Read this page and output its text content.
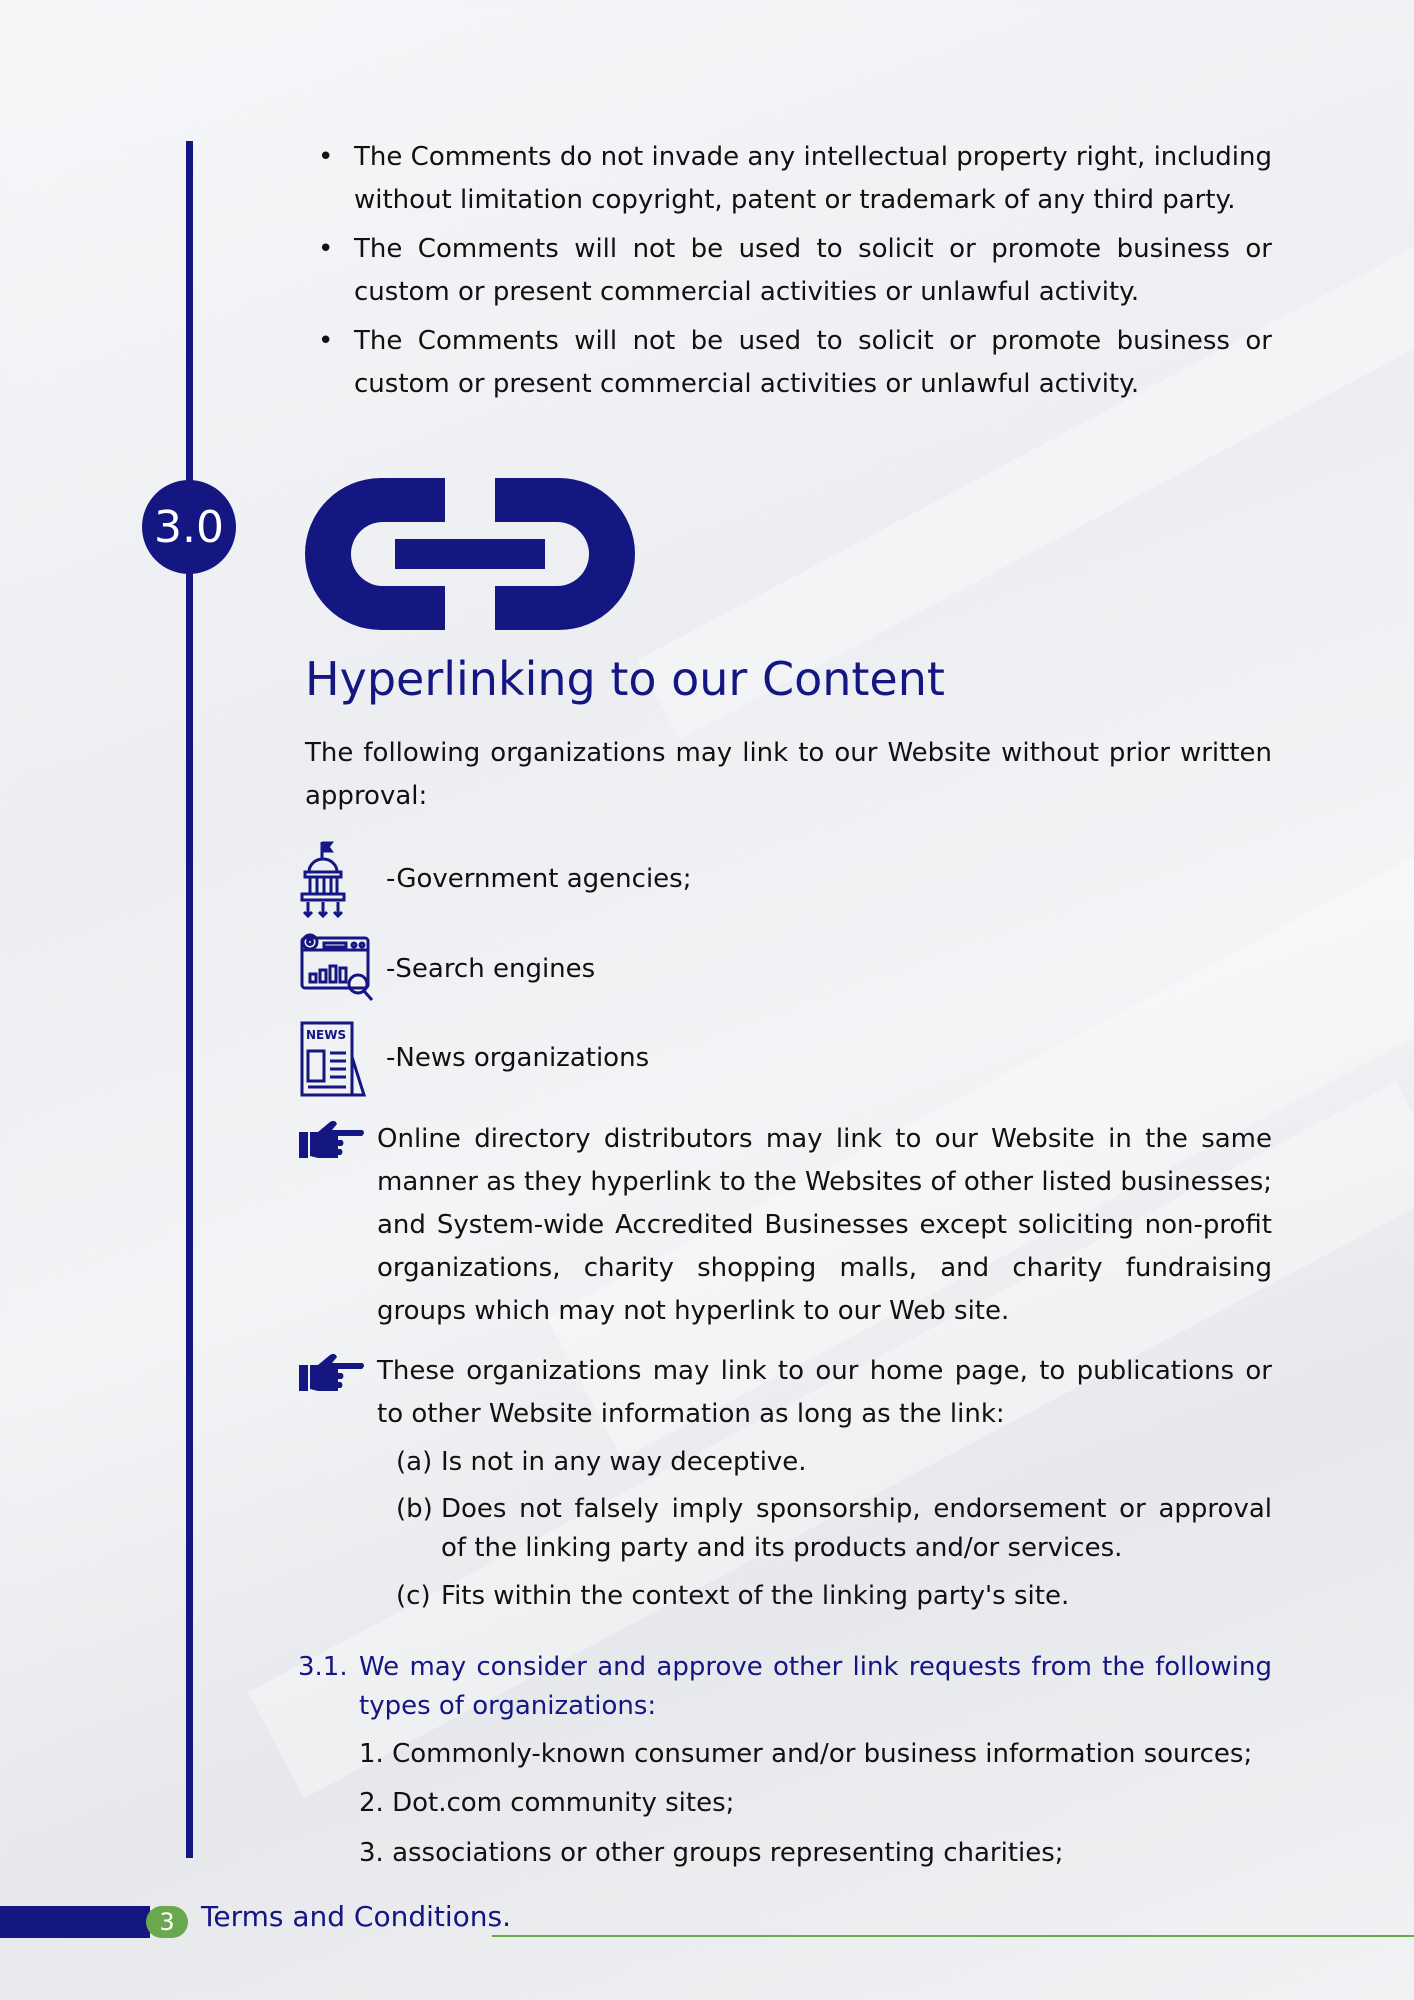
• The Comments do not invade any intellectual property right, including without limitation copyright, patent or trademark of any third party.
• The Comments will not be used to solicit or promote business or custom or present commercial activities or unlawful activity.
• The Comments will not be used to solicit or promote business or custom or present commercial activities or unlawful activity.
3.0
Hyperlinking to our Content
The following organizations may link to our Website without prior written approval:
-Government agencies;
-Search engines
NEWS
-News organizations
Online directory distributors may link to our Website in the same manner as they hyperlink to the Websites of other listed businesses; and System-wide Accredited Businesses except soliciting non-profit organizations, charity shopping malls, and charity fundraising groups which may not hyperlink to our Web site.
These organizations may link to our home page, to publications or to other Website information as long as the link:
(a) Is not in any way deceptive.
(b) Does not falsely imply sponsorship, endorsement or approval of the linking party and its products and/or services.
(c) Fits within the context of the linking party's site.
3.1. We may consider and approve other link requests from the following types of organizations:
1. Commonly-known consumer and/or business information sources;
2. Dot.com community sites;
3. associations or other groups representing charities;
3 Terms and Conditions.
